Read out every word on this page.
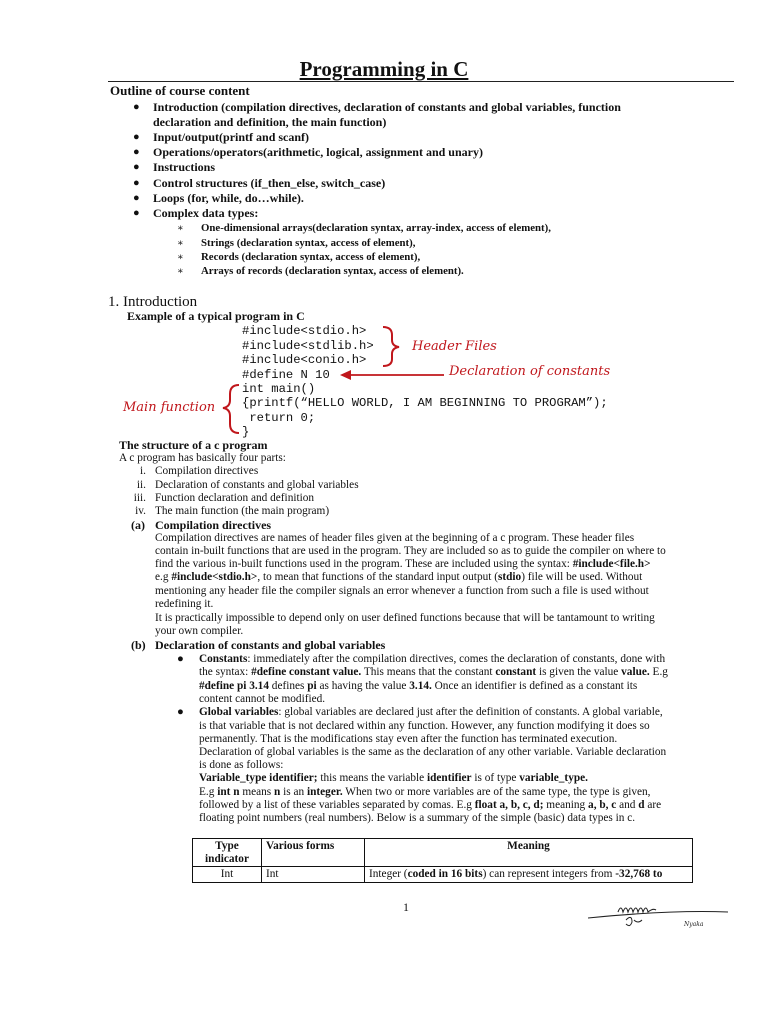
Programming in C
Outline of course content
● Introduction (compilation directives, declaration of constants and global variables, function
declaration and definition, the main function)
● Input/output(printf and scanf)
● Operations/operators(arithmetic, logical, assignment and unary)
● Instructions
● Control structures (if_then_else, switch_case)
● Loops (for, while, do…while).
● Complex data types:
∗ One-dimensional arrays(declaration syntax, array-index, access of element),
∗ Strings (declaration syntax, access of element),
∗ Records (declaration syntax, access of element),
∗ Arrays of records (declaration syntax, access of element).
1. Introduction
Example of a typical program in C
#include<stdio.h>
#include<stdlib.h>
#include<conio.h>
#define N 10
int main()
{printf(“HELLO WORLD, I AM BEGINNING TO PROGRAM”);
return 0;
}
Header Files
Declaration of constants
Main function
The structure of a c program
A c program has basically four parts:
i. Compilation directives
ii. Declaration of constants and global variables
iii. Function declaration and definition
iv. The main function (the main program)
(a) Compilation directives
Compilation directives are names of header files given at the beginning of a c program. These header files
contain in-built functions that are used in the program. They are included so as to guide the compiler on where to
find the various in-built functions used in the program. These are included using the syntax: #include<file.h>
e.g #include<stdio.h>, to mean that functions of the standard input output (stdio) file will be used. Without
mentioning any header file the compiler signals an error whenever a function from such a file is used without
redefining it.
It is practically impossible to depend only on user defined functions because that will be tantamount to writing
your own compiler.
(b) Declaration of constants and global variables
● Constants: immediately after the compilation directives, comes the declaration of constants, done with
the syntax: #define constant value. This means that the constant constant is given the value value. E.g
#define pi 3.14 defines pi as having the value 3.14. Once an identifier is defined as a constant its
content cannot be modified.
● Global variables: global variables are declared just after the definition of constants. A global variable,
is that variable that is not declared within any function. However, any function modifying it does so
permanently. That is the modifications stay even after the function has terminated execution.
Declaration of global variables is the same as the declaration of any other variable. Variable declaration
is done as follows:
Variable_type identifier; this means the variable identifier is of type variable_type.
E.g int n means n is an integer. When two or more variables are of the same type, the type is given,
followed by a list of these variables separated by comas. E.g float a, b, c, d; meaning a, b, c and d are
floating point numbers (real numbers). Below is a summary of the simple (basic) data types in c.
Type indicator	Various forms	Meaning
Int	Int	Integer (coded in 16 bits) can represent integers from -32,768 to
1
Nyaka
